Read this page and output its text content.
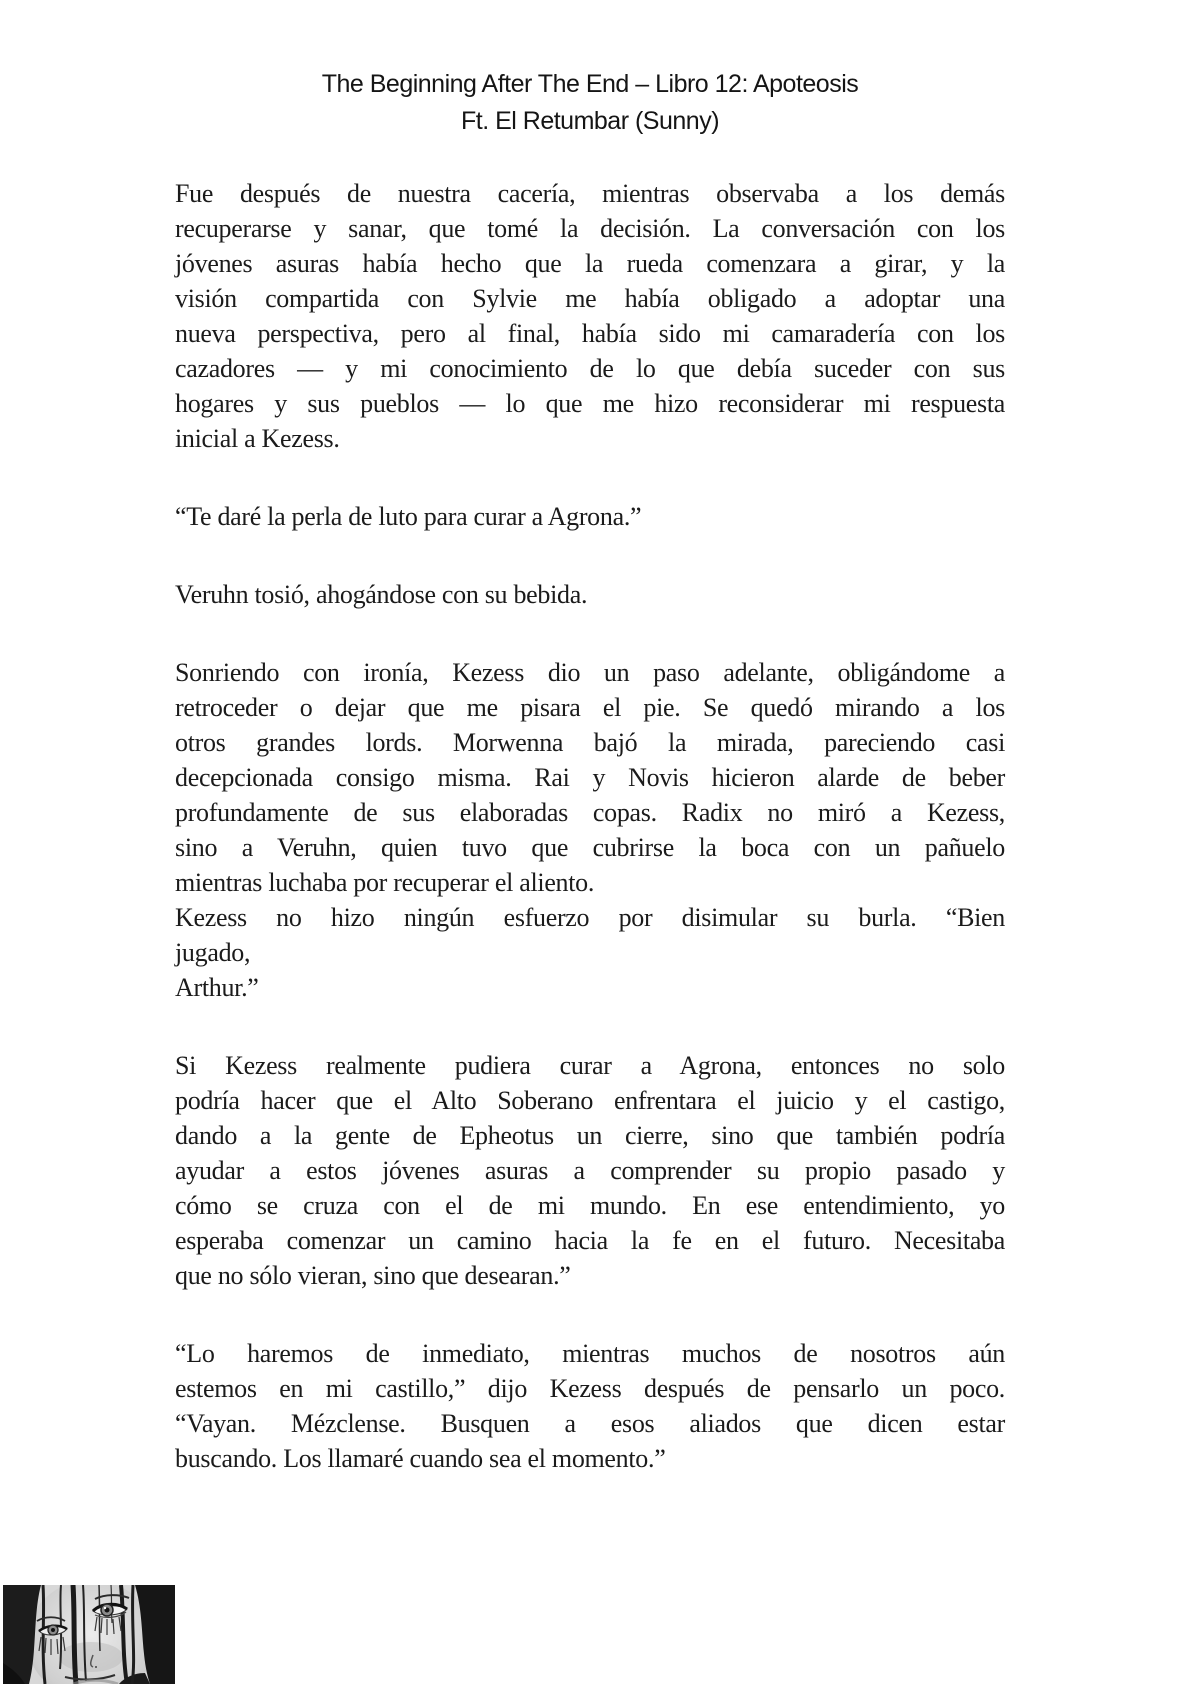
The Beginning After The End – Libro 12: Apoteosis
Ft. El Retumbar (Sunny)
Fue después de nuestra cacería, mientras observaba a los demás
recuperarse y sanar, que tomé la decisión. La conversación con los
jóvenes asuras había hecho que la rueda comenzara a girar, y la
visión compartida con Sylvie me había obligado a adoptar una
nueva perspectiva, pero al final, había sido mi camaradería con los
cazadores — y mi conocimiento de lo que debía suceder con sus
hogares y sus pueblos — lo que me hizo reconsiderar mi respuesta
inicial a Kezess.
“Te daré la perla de luto para curar a Agrona.”
Veruhn tosió, ahogándose con su bebida.
Sonriendo con ironía, Kezess dio un paso adelante, obligándome a
retroceder o dejar que me pisara el pie. Se quedó mirando a los
otros grandes lords. Morwenna bajó la mirada, pareciendo casi
decepcionada consigo misma. Rai y Novis hicieron alarde de beber
profundamente de sus elaboradas copas. Radix no miró a Kezess,
sino a Veruhn, quien tuvo que cubrirse la boca con un pañuelo
mientras luchaba por recuperar el aliento.
Kezess no hizo ningún esfuerzo por disimular su burla. “Bien
jugado,
Arthur.”
Si Kezess realmente pudiera curar a Agrona, entonces no solo
podría hacer que el Alto Soberano enfrentara el juicio y el castigo,
dando a la gente de Epheotus un cierre, sino que también podría
ayudar a estos jóvenes asuras a comprender su propio pasado y
cómo se cruza con el de mi mundo. En ese entendimiento, yo
esperaba comenzar un camino hacia la fe en el futuro. Necesitaba
que no sólo vieran, sino que desearan.”
“Lo haremos de inmediato, mientras muchos de nosotros aún
estemos en mi castillo,” dijo Kezess después de pensarlo un poco.
“Vayan. Mézclense. Busquen a esos aliados que dicen estar
buscando. Los llamaré cuando sea el momento.”
